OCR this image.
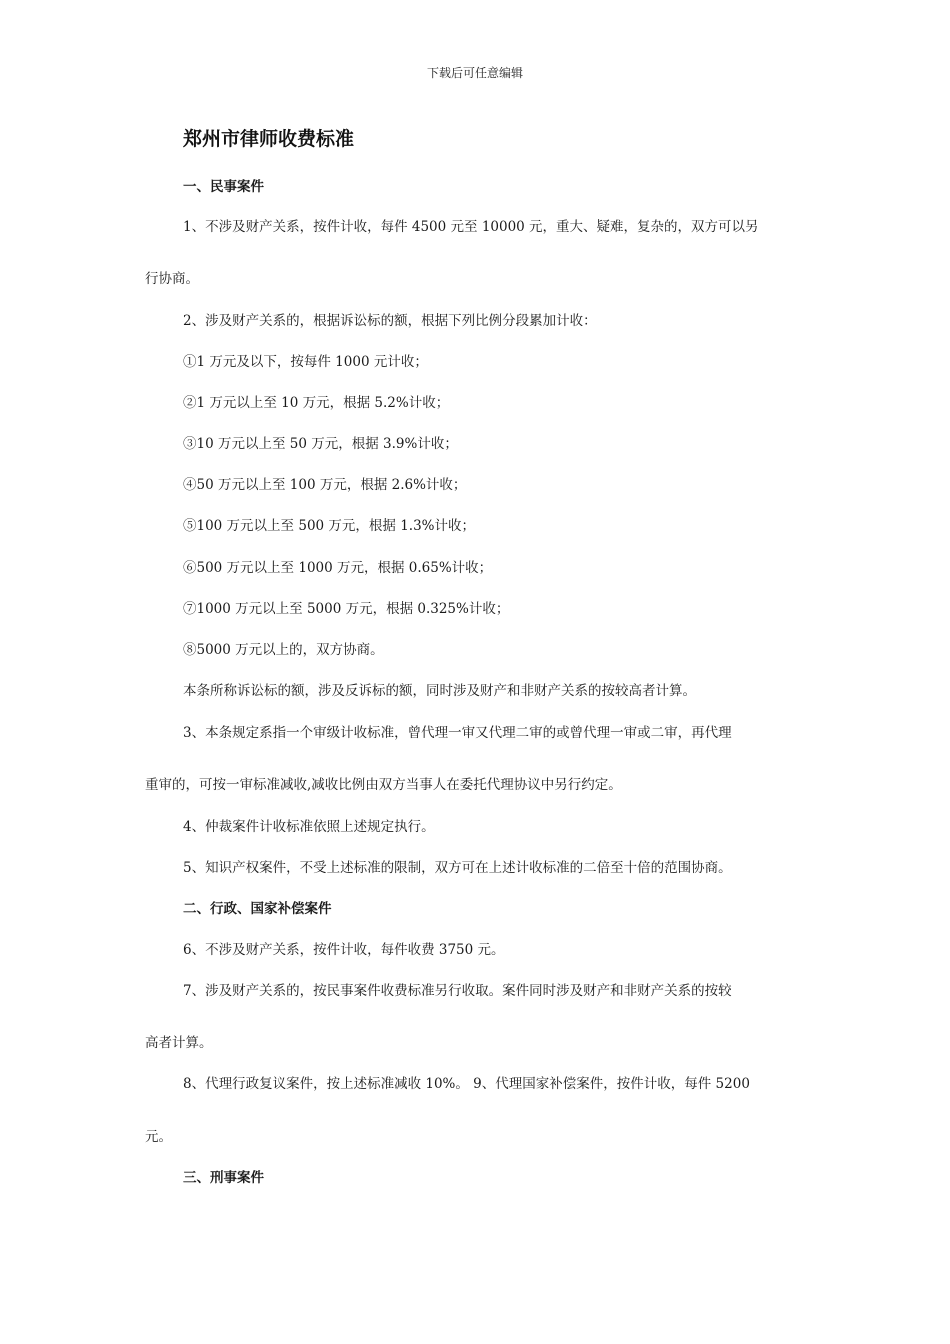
下载后可任意编辑
郑州市律师收费标准
一、民事案件
1、不涉及财产关系，按件计收，每件 4500 元至 10000 元，重大、疑难，复杂的，双方可以另
行协商。
2、涉及财产关系的，根据诉讼标的额，根据下列比例分段累加计收：
①1 万元及以下，按每件 1000 元计收；
②1 万元以上至 10 万元，根据 5.2%计收；
③10 万元以上至 50 万元，根据 3.9%计收；
④50 万元以上至 100 万元，根据 2.6%计收；
⑤100 万元以上至 500 万元，根据 1.3%计收；
⑥500 万元以上至 1000 万元，根据 0.65%计收；
⑦1000 万元以上至 5000 万元，根据 0.325%计收；
⑧5000 万元以上的，双方协商。
本条所称诉讼标的额，涉及反诉标的额，同时涉及财产和非财产关系的按较高者计算。
3、本条规定系指一个审级计收标准，曾代理一审又代理二审的或曾代理一审或二审，再代理
重审的，可按一审标准减收,减收比例由双方当事人在委托代理协议中另行约定。
4、仲裁案件计收标准依照上述规定执行。
5、知识产权案件，不受上述标准的限制，双方可在上述计收标准的二倍至十倍的范围协商。
二、行政、国家补偿案件
6、不涉及财产关系，按件计收，每件收费 3750 元。
7、涉及财产关系的，按民事案件收费标准另行收取。案件同时涉及财产和非财产关系的按较
高者计算。
8、代理行政复议案件，按上述标准减收 10%。 9、代理国家补偿案件，按件计收，每件 5200
元。
三、刑事案件
